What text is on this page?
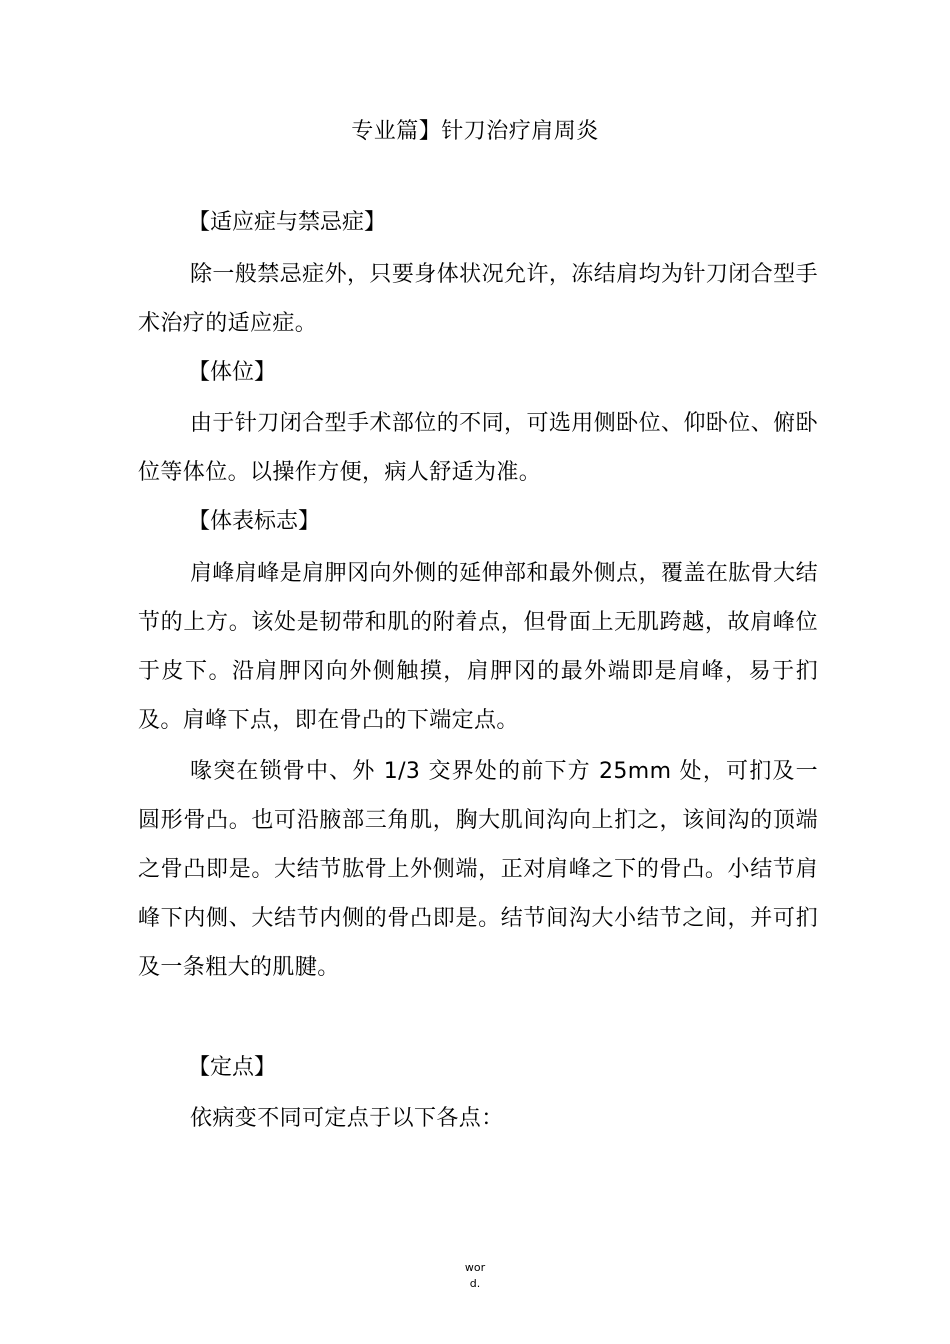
专业篇】针刀治疗肩周炎
【适应症与禁忌症】
除一般禁忌症外，只要身体状况允许，冻结肩均为针刀闭合型手术治疗的适应症。
【体位】
由于针刀闭合型手术部位的不同，可选用侧卧位、仰卧位、俯卧位等体位。以操作方便，病人舒适为准。
【体表标志】
肩峰肩峰是肩胛冈向外侧的延伸部和最外侧点，覆盖在肱骨大结节的上方。该处是韧带和肌的附着点，但骨面上无肌跨越，故肩峰位于皮下。沿肩胛冈向外侧触摸，肩胛冈的最外端即是肩峰，易于扪及。肩峰下点，即在骨凸的下端定点。
喙突在锁骨中、外 1/3 交界处的前下方 25mm 处，可扪及一圆形骨凸。也可沿腋部三角肌，胸大肌间沟向上扪之，该间沟的顶端之骨凸即是。大结节肱骨上外侧端，正对肩峰之下的骨凸。小结节肩峰下内侧、大结节内侧的骨凸即是。结节间沟大小结节之间，并可扪及一条粗大的肌腱。
【定点】
依病变不同可定点于以下各点：
wor
d.
